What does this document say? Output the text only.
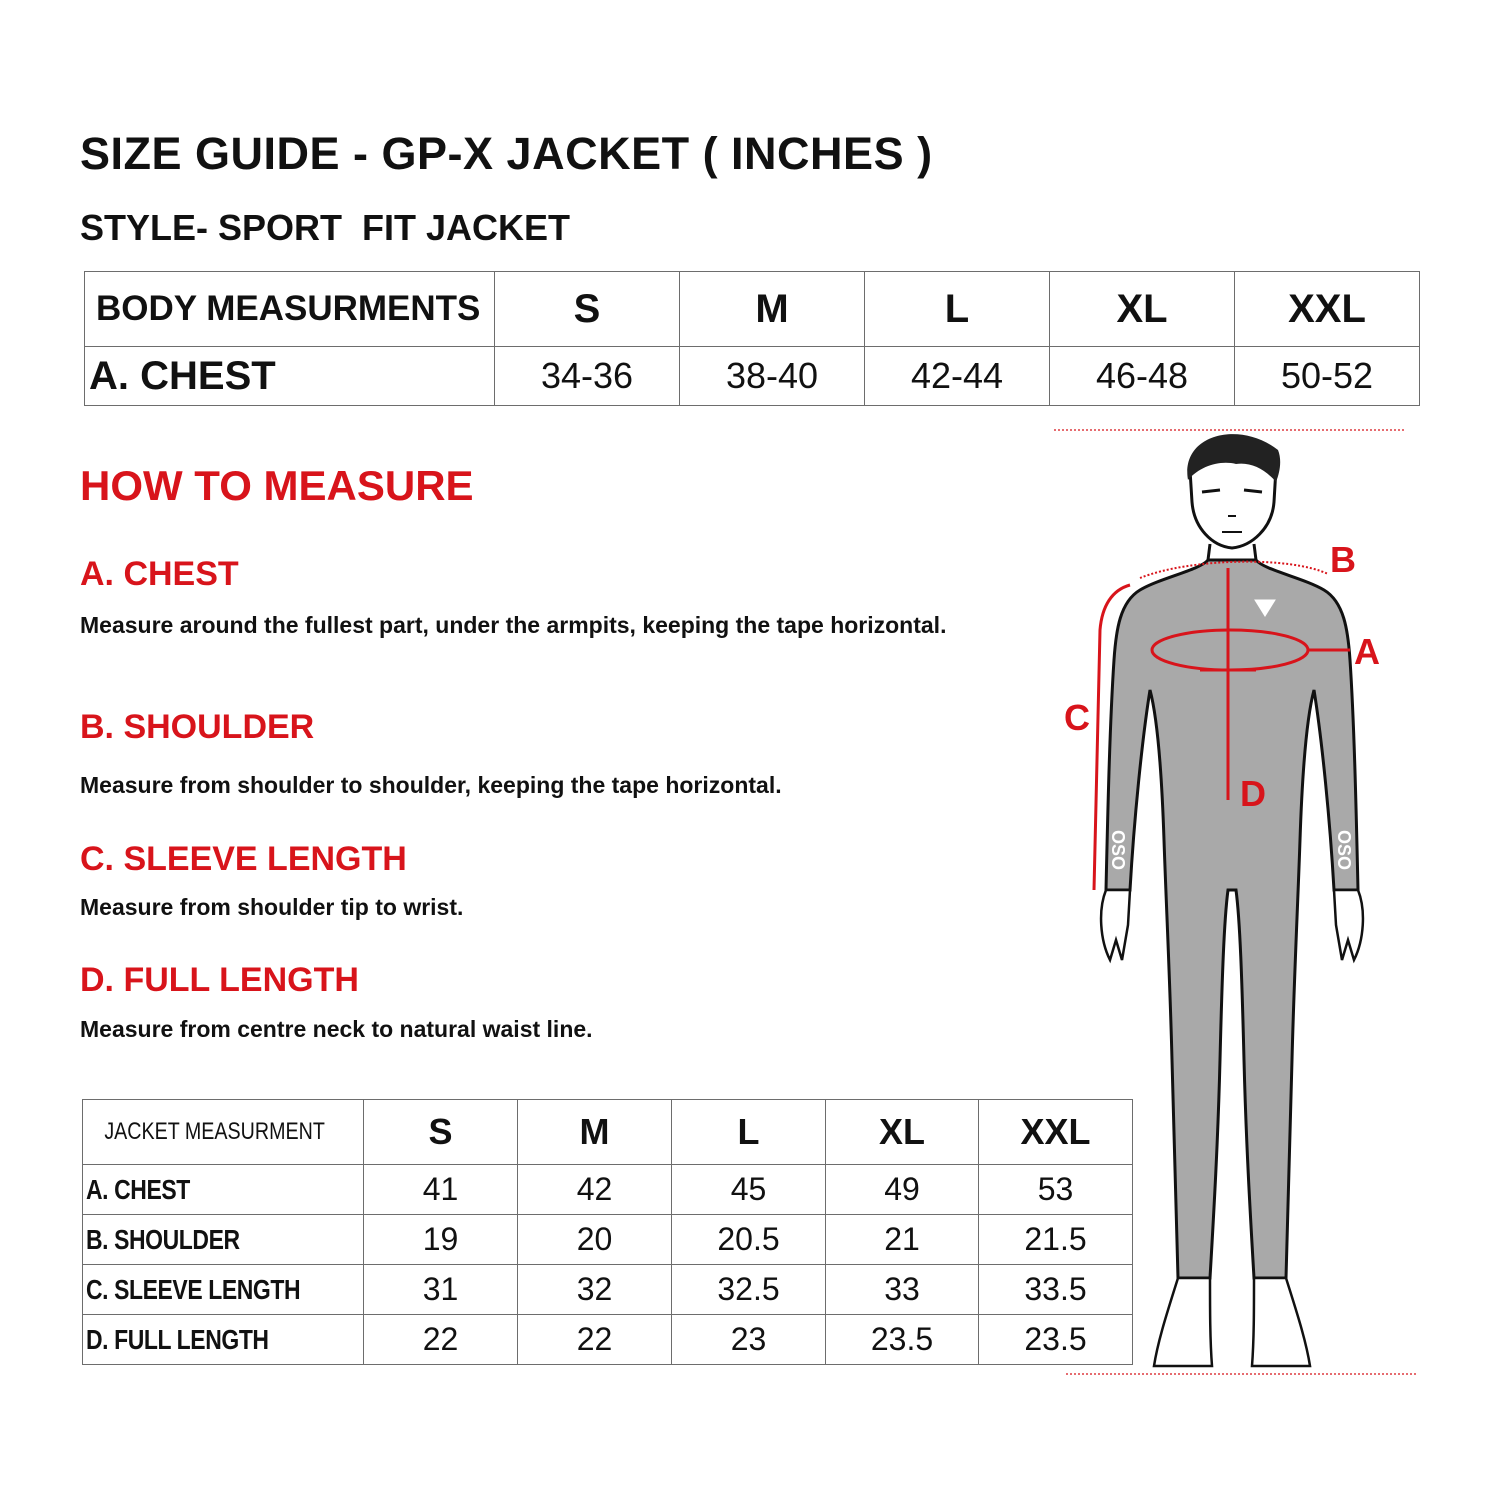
SIZE GUIDE - GP-X JACKET ( INCHES )
STYLE- SPORT  FIT JACKET
BODY MEASURMENTS	S	M	L	XL	XXL
A. CHEST	34-36	38-40	42-44	46-48	50-52
HOW TO MEASURE
A. CHEST
Measure around the fullest part, under the armpits, keeping the tape horizontal.
B. SHOULDER
Measure from shoulder to shoulder, keeping the tape horizontal.
C. SLEEVE LENGTH
Measure from shoulder tip to wrist.
D. FULL LENGTH
Measure from centre neck to natural waist line.
JACKET MEASURMENT	S	M	L	XL	XXL
A. CHEST	41	42	45	49	53
B. SHOULDER	19	20	20.5	21	21.5
C. SLEEVE LENGTH	31	32	32.5	33	33.5
D. FULL LENGTH	22	22	23	23.5	23.5
OSO	OSO
B
A
C
D
